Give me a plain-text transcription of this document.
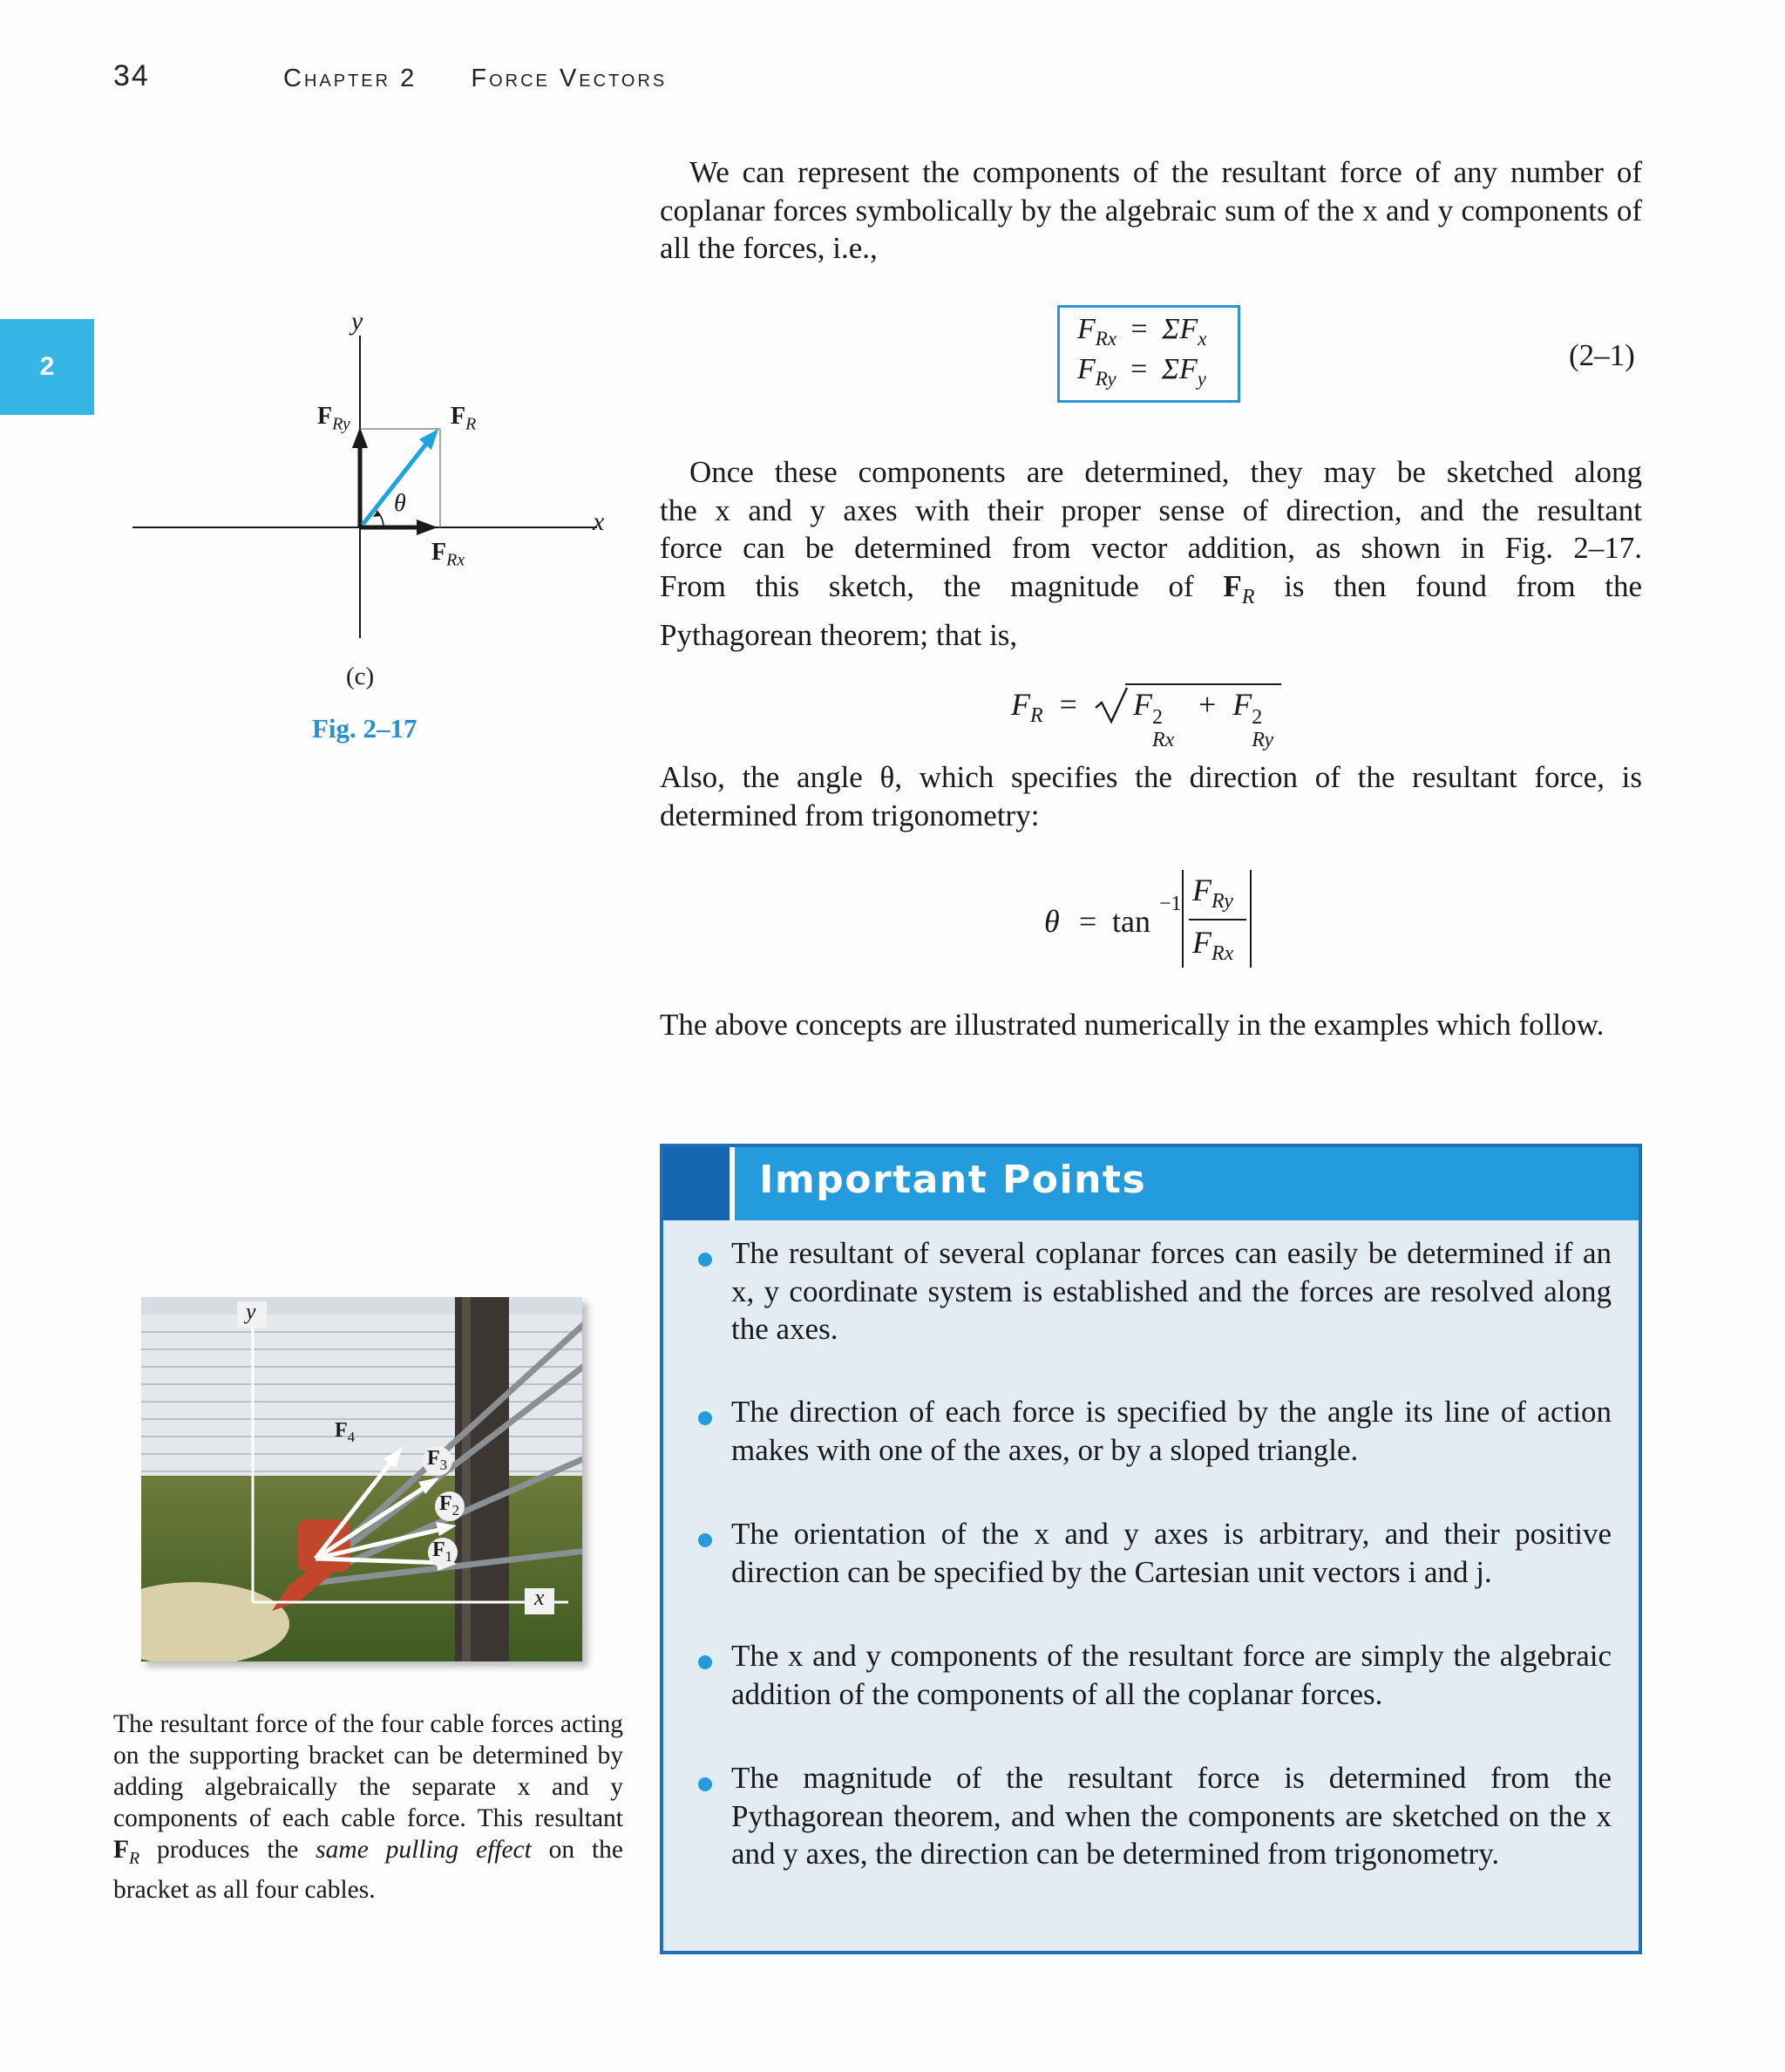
34	Chapter 2 Force Vectors
2
We can represent the components of the resultant force of any number of coplanar forces symbolically by the algebraic sum of the x and y components of all the forces, i.e.,
$F_{Rx} = \Sigma F_x$
$F_{Ry} = \Sigma F_y$
(2–1)
Once these components are determined, they may be sketched along
the x and y axes with their proper sense of direction, and the resultant
force can be determined from vector addition, as shown in Fig. 2–17.
From this sketch, the magnitude of $F_R$ is then found from the
Pythagorean theorem; that is,
$F_R = F$ 2
Rx
+ F 2
Ry
Also, the angle θ, which specifies the direction of the resultant force, is determined from trigonometry:
θ = tan −1 $F_{Ry}$
$F_{Rx}$
The above concepts are illustrated numerically in the examples which follow.
y
x
$F_{Ry}$	$F_R$
$F_{Rx}$
θ
(c)
Fig. 2–17
y
x
$F_4$
$F_3$
$F_2$
$F_1$
The resultant force of the four cable forces acting on the supporting bracket can be determined by adding algebraically the separate x and y components of each cable force. This resultant $F_R$ produces the same pulling effect on the bracket as all four cables.
Important Points
The resultant of several coplanar forces can easily be determined if an x, y coordinate system is established and the forces are resolved along the axes.
The direction of each force is specified by the angle its line of action makes with one of the axes, or by a sloped triangle.
The orientation of the x and y axes is arbitrary, and their positive direction can be specified by the Cartesian unit vectors i and j.
The x and y components of the resultant force are simply the algebraic addition of the components of all the coplanar forces.
The magnitude of the resultant force is determined from the Pythagorean theorem, and when the components are sketched on the x and y axes, the direction can be determined from trigonometry.
